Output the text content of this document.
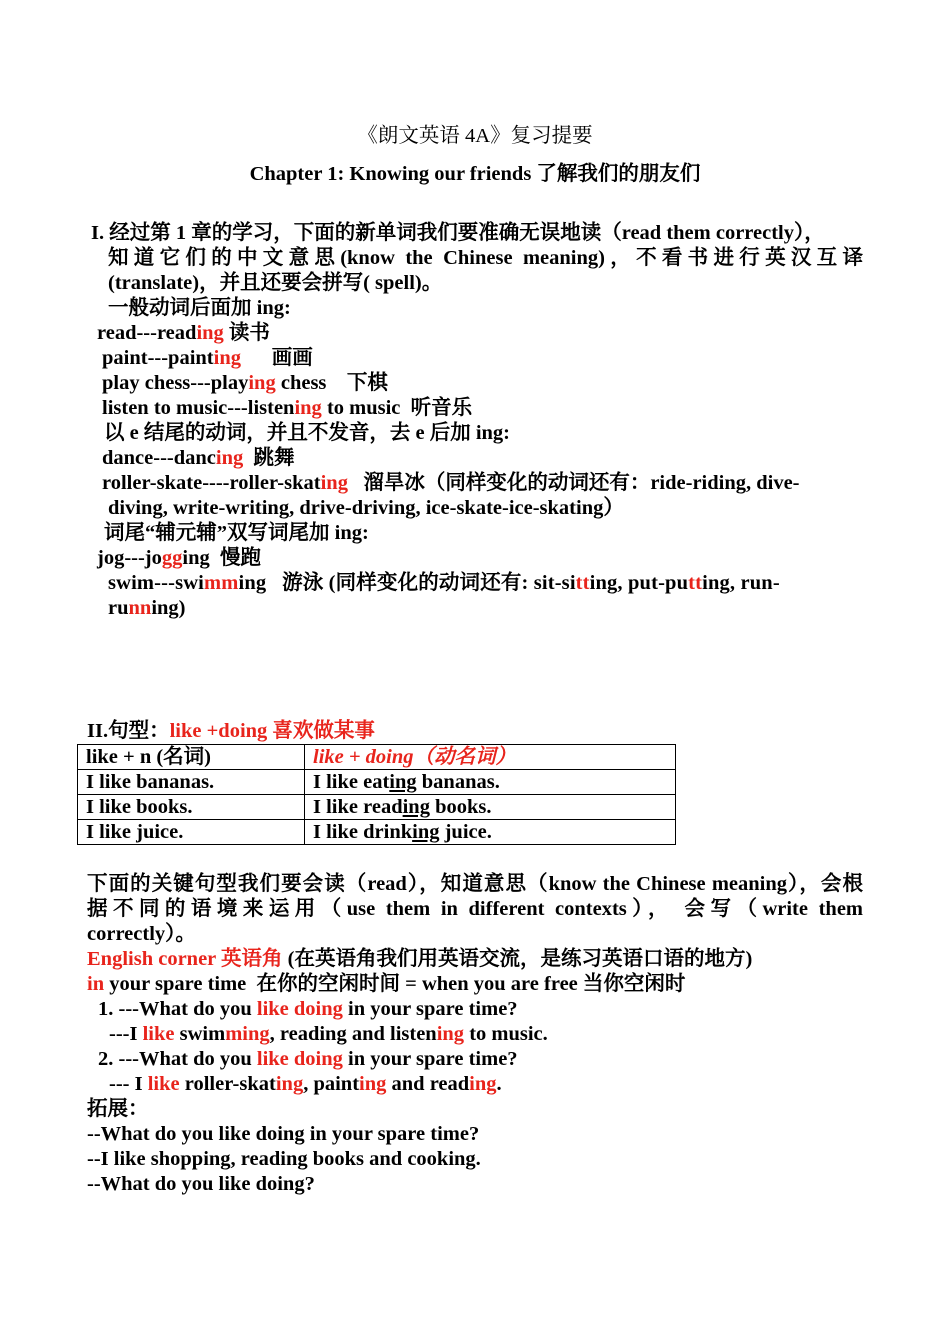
《朗文英语 4A》复习提要
Chapter 1: Knowing our friends 了解我们的朋友们
I. 经过第 1 章的学习，下面的新单词我们要准确无误地读（read them correctly），
知道它们的中文意思(know the Chinese meaning)，不看书进行英汉互译
(translate)，并且还要会拼写( spell)。
一般动词后面加 ing:
read---reading 读书
paint---painting      画画
play chess---playing chess    下棋
listen to music---listening to music  听音乐
以 e 结尾的动词，并且不发音，去 e 后加 ing:
dance---dancing  跳舞
roller-skate----roller-skating   溜旱冰（同样变化的动词还有：ride-riding, dive-
diving, write-writing, drive-driving, ice-skate-ice-skating）
词尾“辅元辅”双写词尾加 ing:
jog---jogging  慢跑
swim---swimming   游泳 (同样变化的动词还有: sit-sitting, put-putting, run-
running)
II.句型：like +doing 喜欢做某事
like + n (名词)	like + doing（动名词）
I like bananas.	I like eating bananas.
I like books.	I like reading books.
I like juice.	I like drinking juice.
下面的关键句型我们要会读（read），知道意思（know the Chinese meaning），会根
据不同的语境来运用（use them in different contexts）， 会写（write them
correctly）。
English corner 英语角 (在英语角我们用英语交流，是练习英语口语的地方)
in your spare time  在你的空闲时间 = when you are free 当你空闲时
1. ---What do you like doing in your spare time?
---I like swimming, reading and listening to music.
2. ---What do you like doing in your spare time?
--- I like roller-skating, painting and reading.
拓展：
--What do you like doing in your spare time?
--I like shopping, reading books and cooking.
--What do you like doing?
